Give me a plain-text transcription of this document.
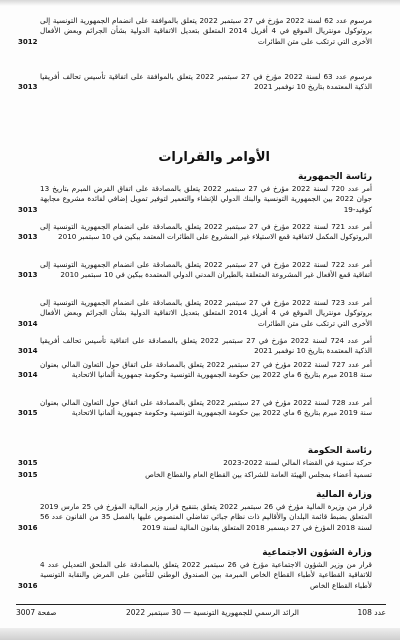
مرسوم عدد 62 لسنة 2022 مؤرخ في 27 سبتمبر 2022 يتعلق بالموافقة على انضمام الجمهورية التونسية إلى بروتوكول مونتريال الموقع في 4 أفريل 2014 المتعلق بتعديل الاتفاقية الدولية بشأن الجرائم وبعض الأفعال الأخرى التي ترتكب على متن الطائرات
3012
مرسوم عدد 63 لسنة 2022 مؤرخ في 27 سبتمبر 2022 يتعلق بالموافقة على اتفاقية تأسيس تحالف أفريقيا الذكية المعتمدة بتاريخ 10 نوفمبر 2021
3013
الأوامر والقرارات
رئاسة الجمهورية
أمر عدد 720 لسنة 2022 مؤرخ في 27 سبتمبر 2022 يتعلق بالمصادقة على اتفاق القرض المبرم بتاريخ 13 جوان 2022 بين الجمهورية التونسية والبنك الدولي للإنشاء والتعمير لتوفير تمويل إضافي لفائدة مشروع مجابهة كوفيد-19
3013
أمر عدد 721 لسنة 2022 مؤرخ في 27 سبتمبر 2022 يتعلق بالمصادقة على انضمام الجمهورية التونسية إلى البروتوكول المكمل لاتفاقية قمع الاستيلاء غير المشروع على الطائرات المعتمد ببكين في 10 سبتمبر 2010
3013
أمر عدد 722 لسنة 2022 مؤرخ في 27 سبتمبر 2022 يتعلق بالمصادقة على انضمام الجمهورية التونسية إلى اتفاقية قمع الأفعال غير المشروعة المتعلقة بالطيران المدني الدولي المعتمدة ببكين في 10 سبتمبر 2010
3013
أمر عدد 723 لسنة 2022 مؤرخ في 27 سبتمبر 2022 يتعلق بالمصادقة على انضمام الجمهورية التونسية إلى بروتوكول مونتريال الموقع في 4 أفريل 2014 المتعلق بتعديل الاتفاقية الدولية بشأن الجرائم وبعض الأفعال الأخرى التي ترتكب على متن الطائرات
3014
أمر عدد 724 لسنة 2022 مؤرخ في 27 سبتمبر 2022 يتعلق بالمصادقة على اتفاقية تأسيس تحالف أفريقيا الذكية المعتمدة بتاريخ 10 نوفمبر 2021
3014
أمر عدد 727 لسنة 2022 مؤرخ في 27 سبتمبر 2022 يتعلق بالمصادقة على اتفاق حول التعاون المالي بعنوان سنة 2018 مبرم بتاريخ 6 ماي 2022 بين حكومة الجمهورية التونسية وحكومة جمهورية ألمانيا الاتحادية
3014
أمر عدد 728 لسنة 2022 مؤرخ في 27 سبتمبر 2022 يتعلق بالمصادقة على اتفاق حول التعاون المالي بعنوان سنة 2019 مبرم بتاريخ 6 ماي 2022 بين حكومة الجمهورية التونسية وحكومة جمهورية ألمانيا الاتحادية
3015
رئاسة الحكومة
حركة سنوية في القضاء المالي لسنة 2022-2023
3015
تسمية أعضاء بمجلس الهيئة العامة للشراكة بين القطاع العام والقطاع الخاص
3015
وزارة المالية
قرار من وزيرة المالية مؤرخ في 26 سبتمبر 2022 يتعلق بتنقيح قرار وزير المالية المؤرخ في 25 مارس 2019 المتعلق بضبط قائمة البلدان والأقاليم ذات نظام جبائي تفاضلي المنصوص عليها بالفصل 35 من القانون عدد 56 لسنة 2018 المؤرخ في 27 ديسمبر 2018 المتعلق بقانون المالية لسنة 2019
3016
وزارة الشؤون الاجتماعية
قرار من وزير الشؤون الاجتماعية مؤرخ في 26 سبتمبر 2022 يتعلق بالمصادقة على الملحق التعديلي عدد 4 للاتفاقية القطاعية لأطباء القطاع الخاص المبرمة بين الصندوق الوطني للتأمين على المرض والنقابة التونسية لأطباء القطاع الخاص
3016
عدد 108
الرائد الرسمي للجمهورية التونسية — 30 سبتمبر 2022
صفحة 3007
